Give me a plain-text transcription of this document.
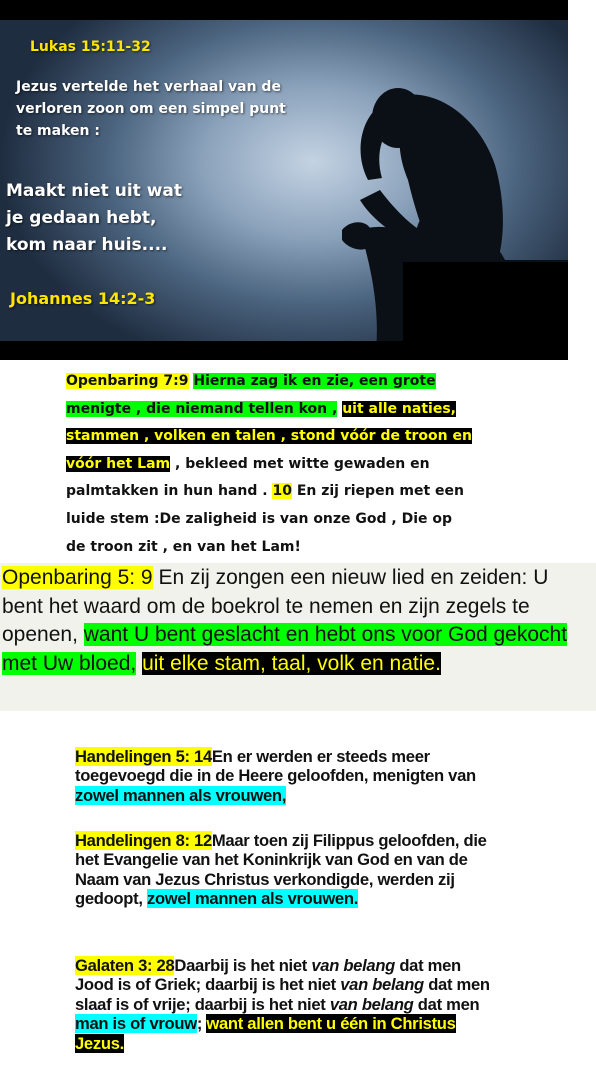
Lukas 15:11-32
Jezus vertelde het verhaal van de
verloren zoon om een simpel punt
te maken :
Maakt niet uit wat
je gedaan hebt,
kom naar huis....
Johannes 14:2-3
Openbaring 7:9 Hierna zag ik en zie, een grote menigte , die niemand tellen kon , uit alle naties, stammen , volken en talen , stond vóór de troon en vóór het Lam , bekleed met witte gewaden en palmtakken in hun hand . 10 En zij riepen met een luide stem :De zaligheid is van onze God , Die op de troon zit , en van het Lam!
Openbaring 5: 9 En zij zongen een nieuw lied en zeiden: U bent het waard om de boekrol te nemen en zijn zegels te openen, want U bent geslacht en hebt ons voor God gekocht met Uw bloed, uit elke stam, taal, volk en natie.
Handelingen 5: 14En er werden er steeds meer toegevoegd die in de Heere geloofden, menigten van zowel mannen als vrouwen,
Handelingen 8: 12Maar toen zij Filippus geloofden, die het Evangelie van het Koninkrijk van God en van de Naam van Jezus Christus verkondigde, werden zij gedoopt, zowel mannen als vrouwen.
Galaten 3: 28Daarbij is het niet van belang dat men Jood is of Griek; daarbij is het niet van belang dat men slaaf is of vrije; daarbij is het niet van belang dat men man is of vrouw; want allen bent u één in Christus Jezus.
